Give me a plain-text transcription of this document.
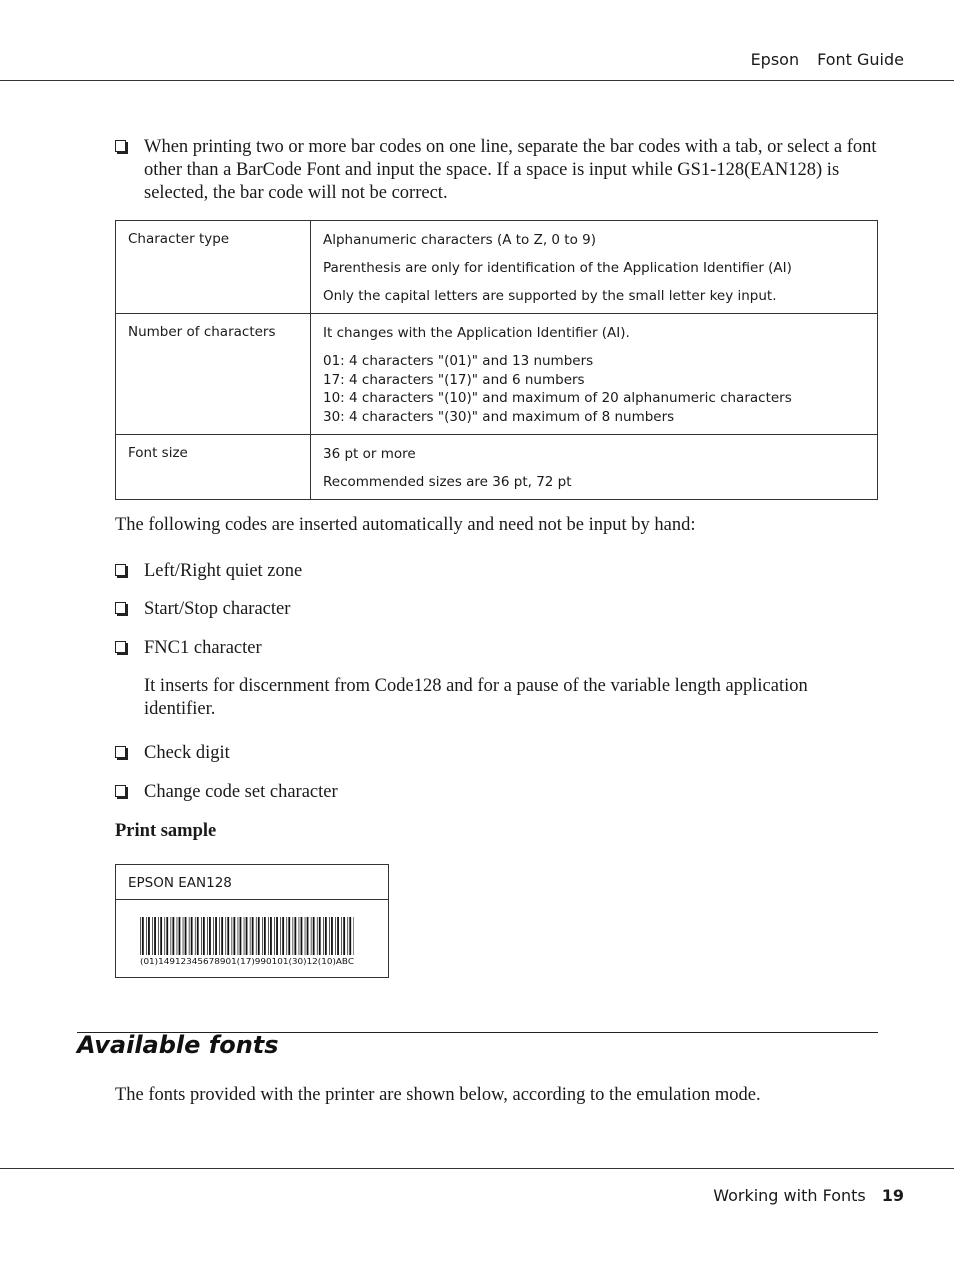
Epson Font Guide
When printing two or more bar codes on one line, separate the bar codes with a tab, or select a font other than a BarCode Font and input the space. If a space is input while GS1-128(EAN128) is selected, the bar code will not be correct.
Character type	Alphanumeric characters (A to Z, 0 to 9)

Parenthesis are only for identification of the Application Identifier (AI)

Only the capital letters are supported by the small letter key input.

Number of characters	It changes with the Application Identifier (AI).

01: 4 characters "(01)" and 13 numbers
17: 4 characters "(17)" and 6 numbers
10: 4 characters "(10)" and maximum of 20 alphanumeric characters
30: 4 characters "(30)" and maximum of 8 numbers

Font size	36 pt or more

Recommended sizes are 36 pt, 72 pt

The following codes are inserted automatically and need not be input by hand:
Left/Right quiet zone
Start/Stop character
FNC1 character
It inserts for discernment from Code128 and for a pause of the variable length application identifier.
Check digit
Change code set character
Print sample
EPSON EAN128
(01)14912345678901(17)990101(30)12(10)ABC
Available fonts
The fonts provided with the printer are shown below, according to the emulation mode.
Working with Fonts 19
